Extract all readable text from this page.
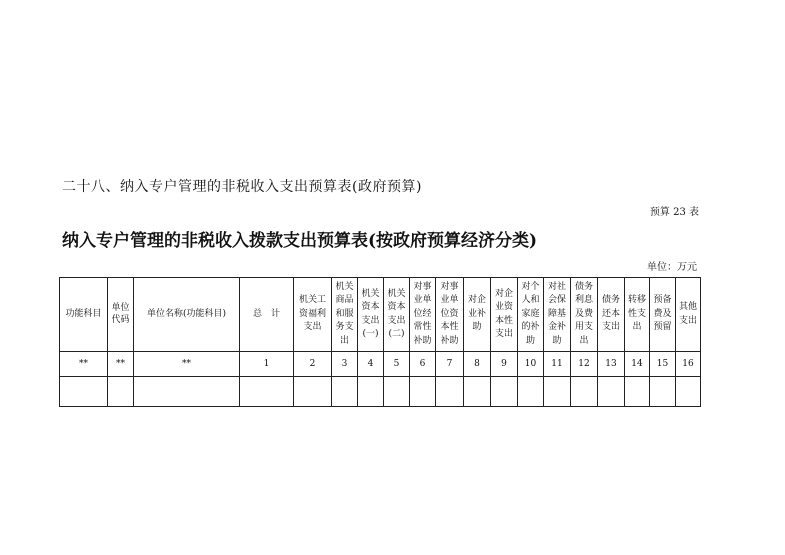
二十八、纳入专户管理的非税收入支出预算表(政府预算)
预算 23 表
纳入专户管理的非税收入拨款支出预算表(按政府预算经济分类)
单位：万元
功能科目	单位代码	单位名称(功能科目)	总　计	机关工资福利支出	机关商品和服务支出	机关资本支出(一)	机关资本支出(二)	对事业单位经常性补助	对事业单位资本性补助	对企业补助	对企业资本性支出	对个人和家庭的补助	对社会保障基金补助	债务利息及费用支出	债务还本支出	转移性支出	预备费及预留	其他支出
**	**	**	1	2	3	4	5	6	7	8	9	10	11	12	13	14	15	16
